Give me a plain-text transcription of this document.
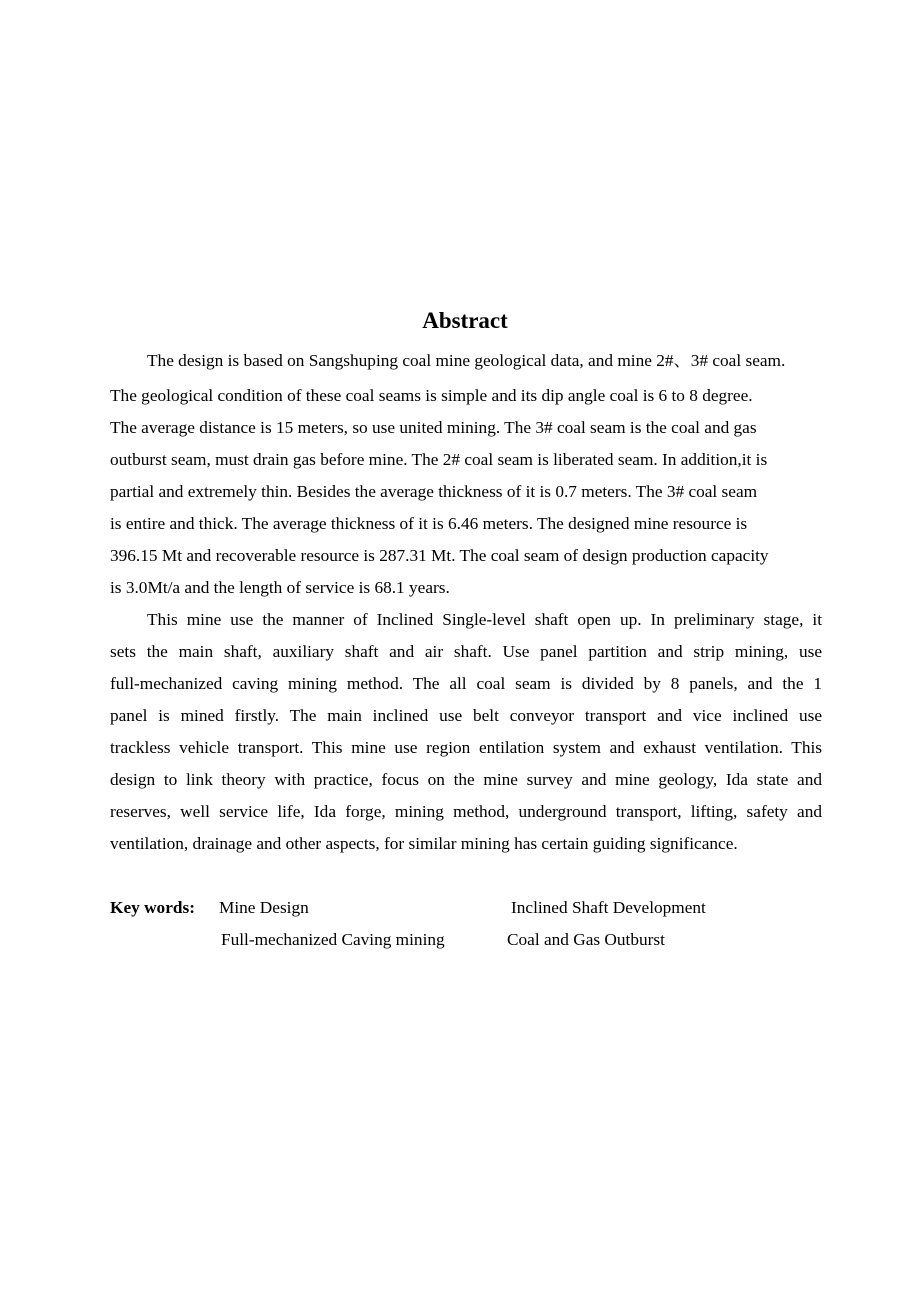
Abstract
The design is based on Sangshuping coal mine geological data, and mine 2#、3# coal seam.
The geological condition of these coal seams is simple and its dip angle coal is 6 to 8 degree.
The average distance is 15 meters, so use united mining. The 3# coal seam is the coal and gas
outburst seam, must drain gas before mine. The 2# coal seam is liberated seam. In addition,it is
partial and extremely thin. Besides the average thickness of it is 0.7 meters. The 3# coal seam
is entire and thick. The average thickness of it is 6.46 meters. The designed mine resource is
396.15 Mt and recoverable resource is 287.31 Mt. The coal seam of design production capacity
is 3.0Mt/a and the length of service is 68.1 years.
This mine use the manner of Inclined Single-level shaft open up. In preliminary stage, it
sets the main shaft, auxiliary shaft and air shaft. Use panel partition and strip mining, use
full-mechanized caving mining method. The all coal seam is divided by 8 panels, and the 1
panel is mined firstly. The main inclined use belt conveyor transport and vice inclined use
trackless vehicle transport. This mine use region entilation system and exhaust ventilation. This
design to link theory with practice, focus on the mine survey and mine geology, Ida state and
reserves, well service life, Ida forge, mining method, underground transport, lifting, safety and
ventilation, drainage and other aspects, for similar mining has certain guiding significance.
Key words: Mine Design	Inclined Shaft Development
Full-mechanized Caving mining	Coal and Gas Outburst
